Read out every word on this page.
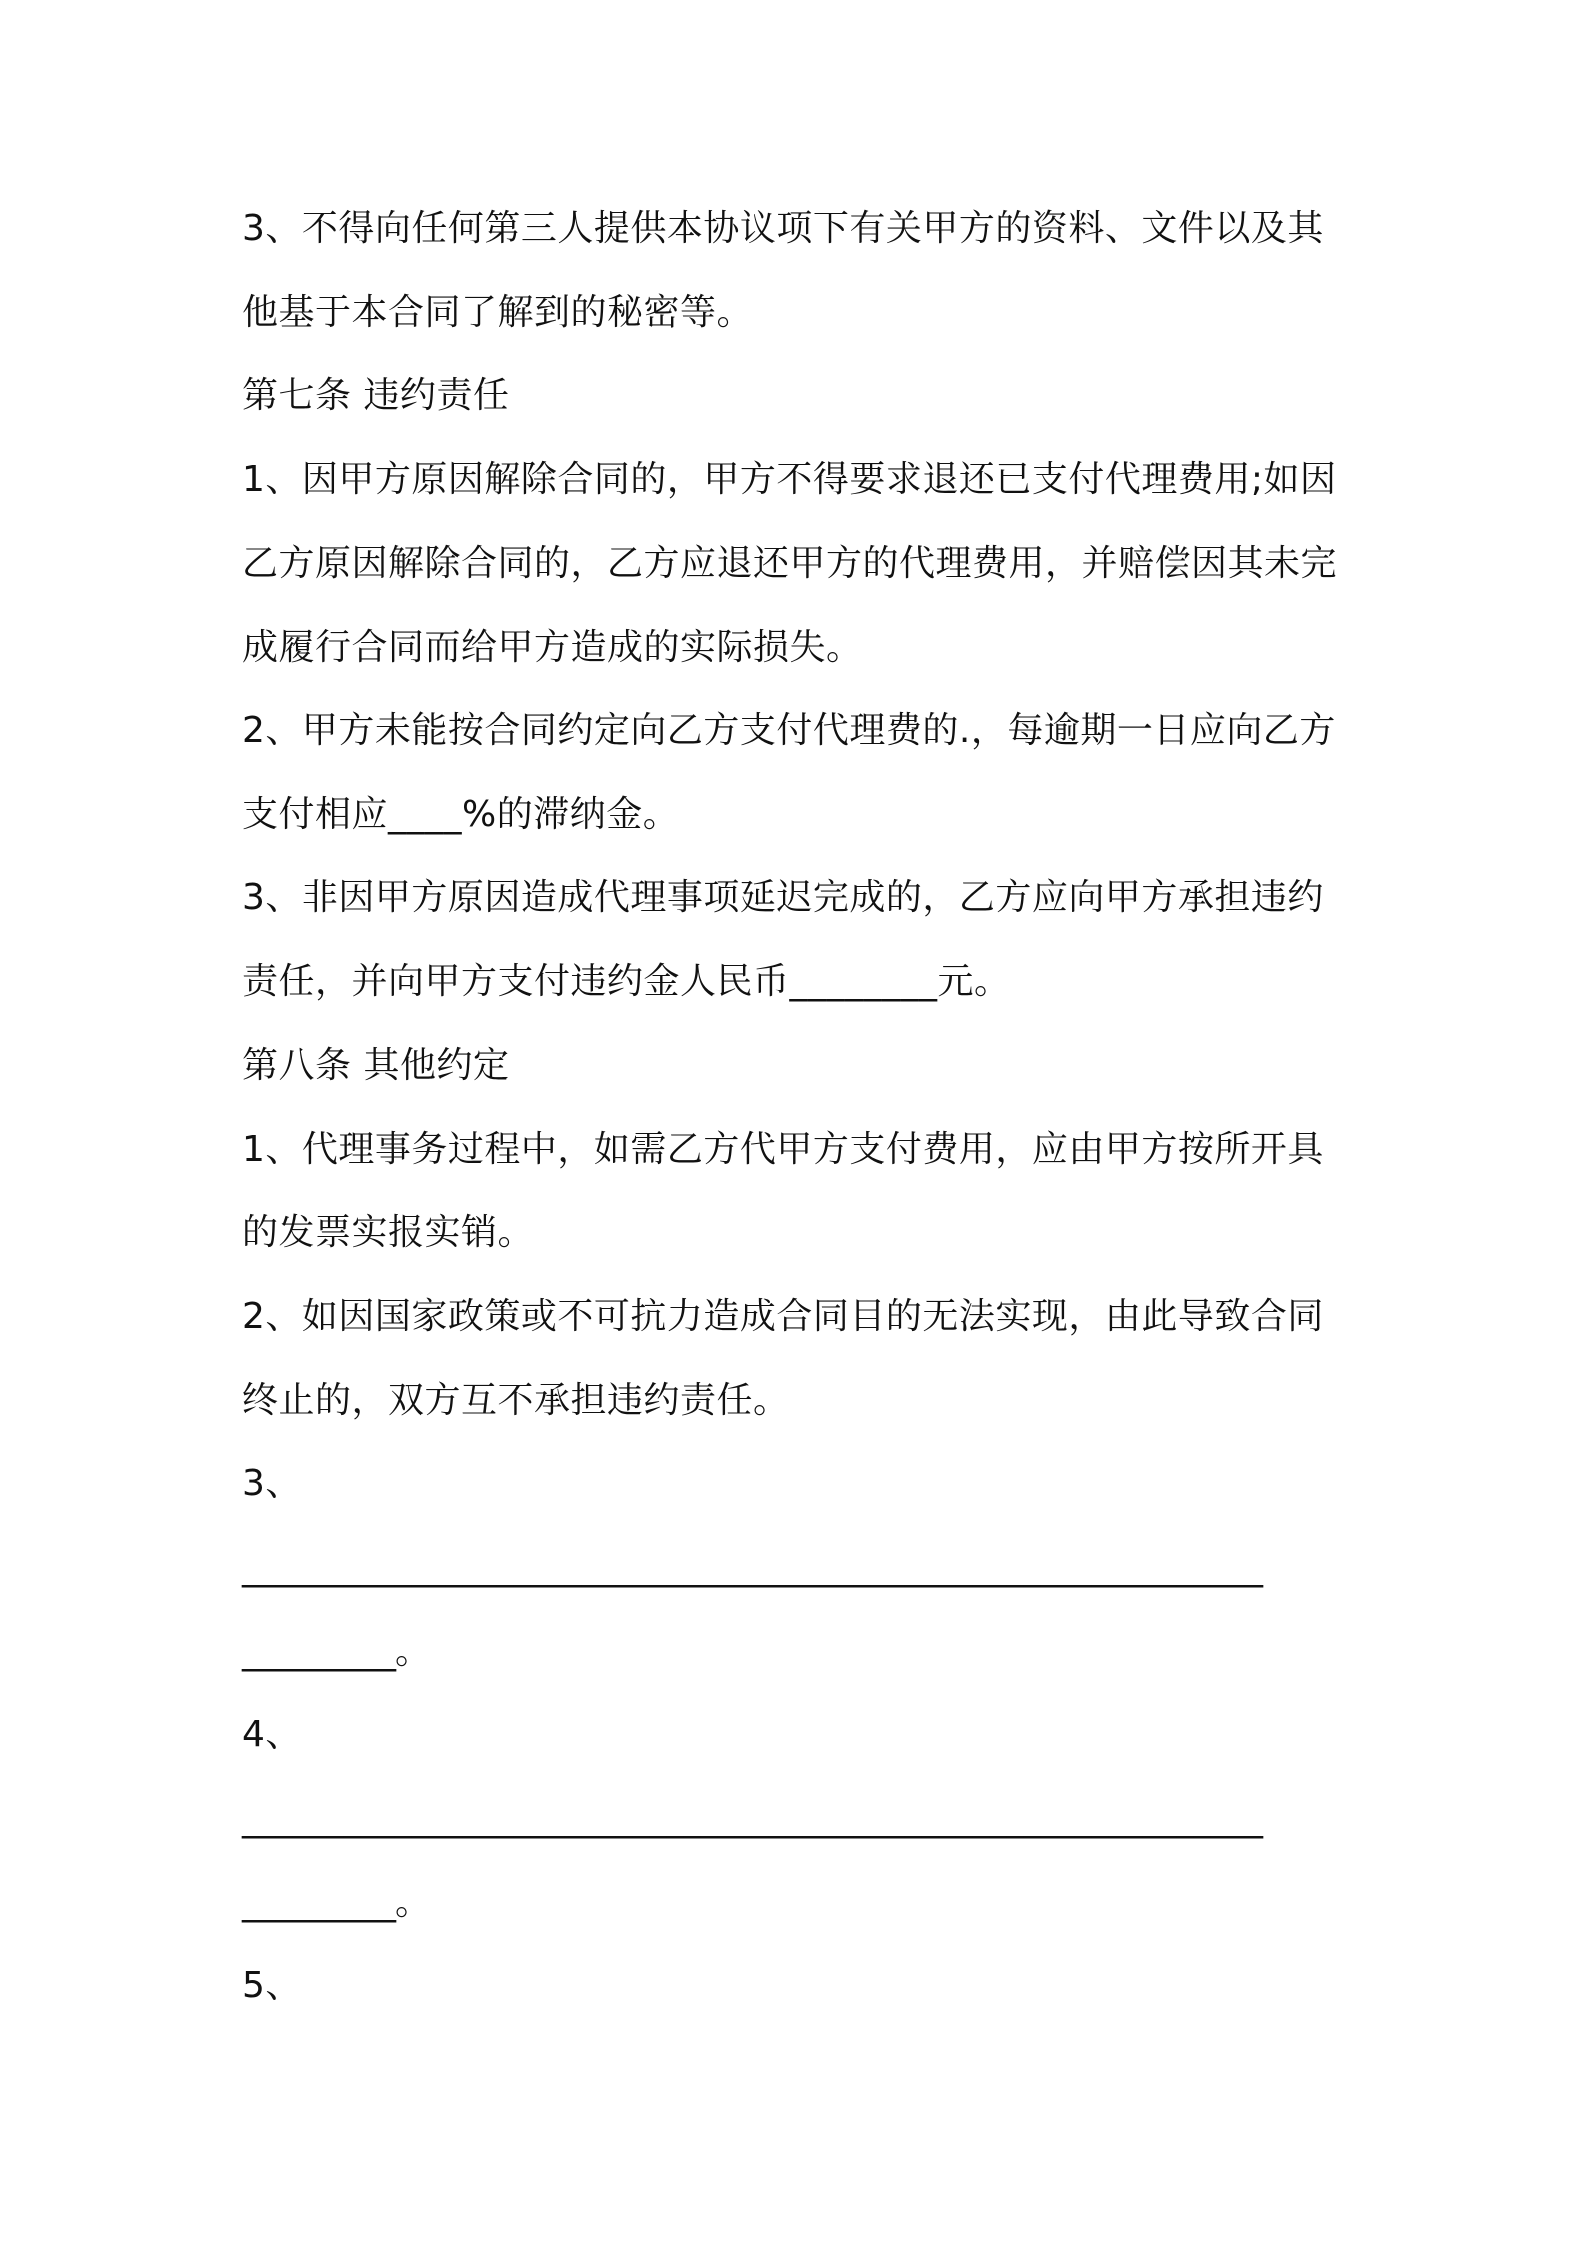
3、不得向任何第三人提供本协议项下有关甲方的资料、文件以及其
他基于本合同了解到的秘密等。
第七条 违约责任
1、因甲方原因解除合同的，甲方不得要求退还已支付代理费用;如因
乙方原因解除合同的，乙方应退还甲方的代理费用，并赔偿因其未完
成履行合同而给甲方造成的实际损失。
2、甲方未能按合同约定向乙方支付代理费的.，每逾期一日应向乙方
支付相应____%的滞纳金。
3、非因甲方原因造成代理事项延迟完成的，乙方应向甲方承担违约
责任，并向甲方支付违约金人民币________元。
第八条 其他约定
1、代理事务过程中，如需乙方代甲方支付费用，应由甲方按所开具
的发票实报实销。
2、如因国家政策或不可抗力造成合同目的无法实现，由此导致合同
终止的，双方互不承担违约责任。
3、
____________________________________________________________
_________。
4、
____________________________________________________________
_________。
5、
